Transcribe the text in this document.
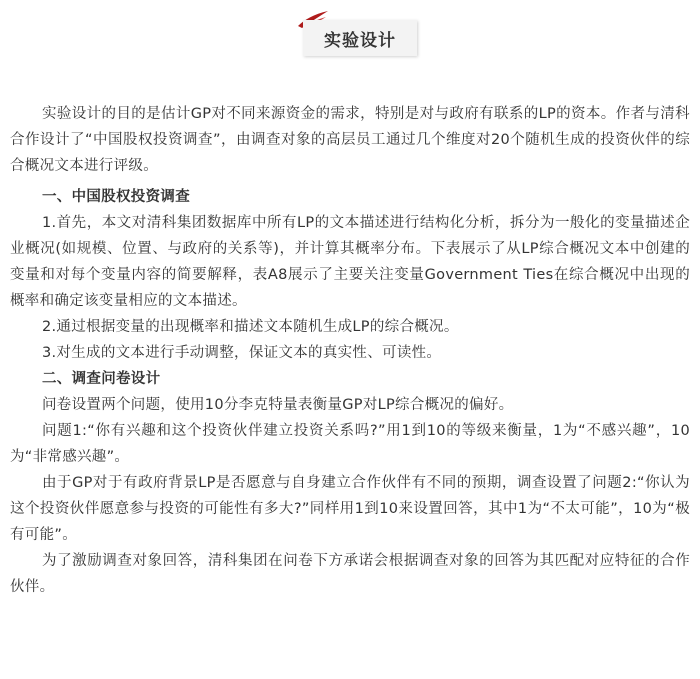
实验设计

实验设计的目的是估计GP对不同来源资金的需求，特别是对与政府有联系的LP的资本。作者与清科合作设计了“中国股权投资调查”，由调查对象的高层员工通过几个维度对20个随机生成的投资伙伴的综合概况文本进行评级。

一、中国股权投资调查

1.首先，本文对清科集团数据库中所有LP的文本描述进行结构化分析，拆分为一般化的变量描述企业概况(如规模、位置、与政府的关系等)，并计算其概率分布。下表展示了从LP综合概况文本中创建的变量和对每个变量内容的简要解释，表A8展示了主要关注变量Government Ties在综合概况中出现的概率和确定该变量相应的文本描述。

2.通过根据变量的出现概率和描述文本随机生成LP的综合概况。

3.对生成的文本进行手动调整，保证文本的真实性、可读性。

二、调查问卷设计

问卷设置两个问题，使用10分李克特量表衡量GP对LP综合概况的偏好。

问题1:“你有兴趣和这个投资伙伴建立投资关系吗?”用1到10的等级来衡量，1为“不感兴趣”，10为“非常感兴趣”。

由于GP对于有政府背景LP是否愿意与自身建立合作伙伴有不同的预期，调查设置了问题2:“你认为这个投资伙伴愿意参与投资的可能性有多大?”同样用1到10来设置回答，其中1为“不太可能”，10为“极有可能”。

为了激励调查对象回答，清科集团在问卷下方承诺会根据调查对象的回答为其匹配对应特征的合作伙伴。
